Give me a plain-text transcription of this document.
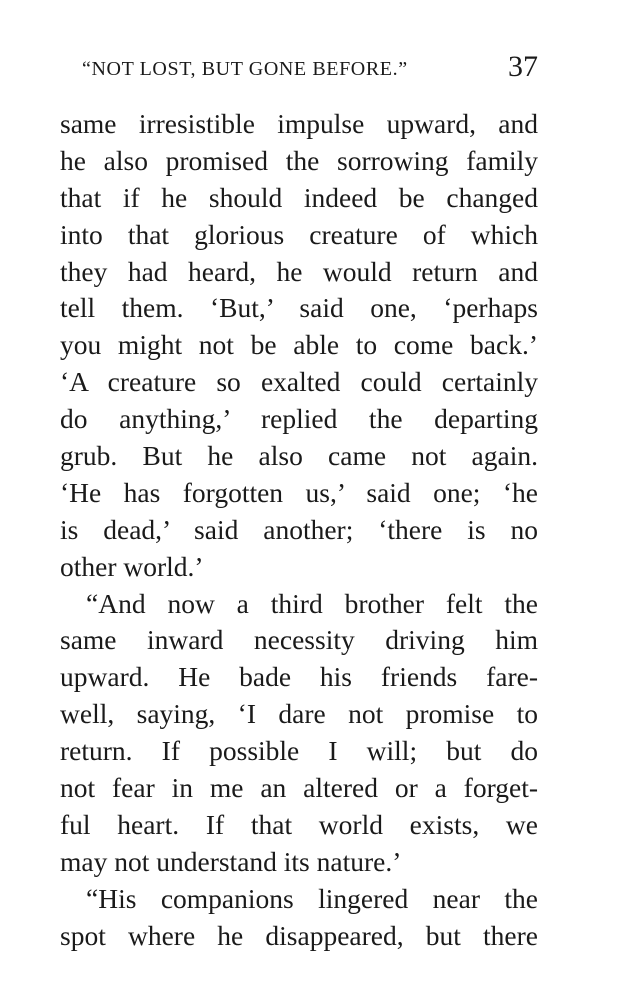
“NOT LOST, BUT GONE BEFORE.”	37
same irresistible impulse upward, and
he also promised the sorrowing family
that if he should indeed be changed
into that glorious creature of which
they had heard, he would return and
tell them. ‘But,’ said one, ‘perhaps
you might not be able to come back.’
‘A creature so exalted could certainly
do anything,’ replied the departing
grub. But he also came not again.
‘He has forgotten us,’ said one; ‘he
is dead,’ said another; ‘there is no
other world.’
“And now a third brother felt the
same inward necessity driving him
upward. He bade his friends fare-
well, saying, ‘I dare not promise to
return. If possible I will; but do
not fear in me an altered or a forget-
ful heart. If that world exists, we
may not understand its nature.’
“His companions lingered near the
spot where he disappeared, but there
